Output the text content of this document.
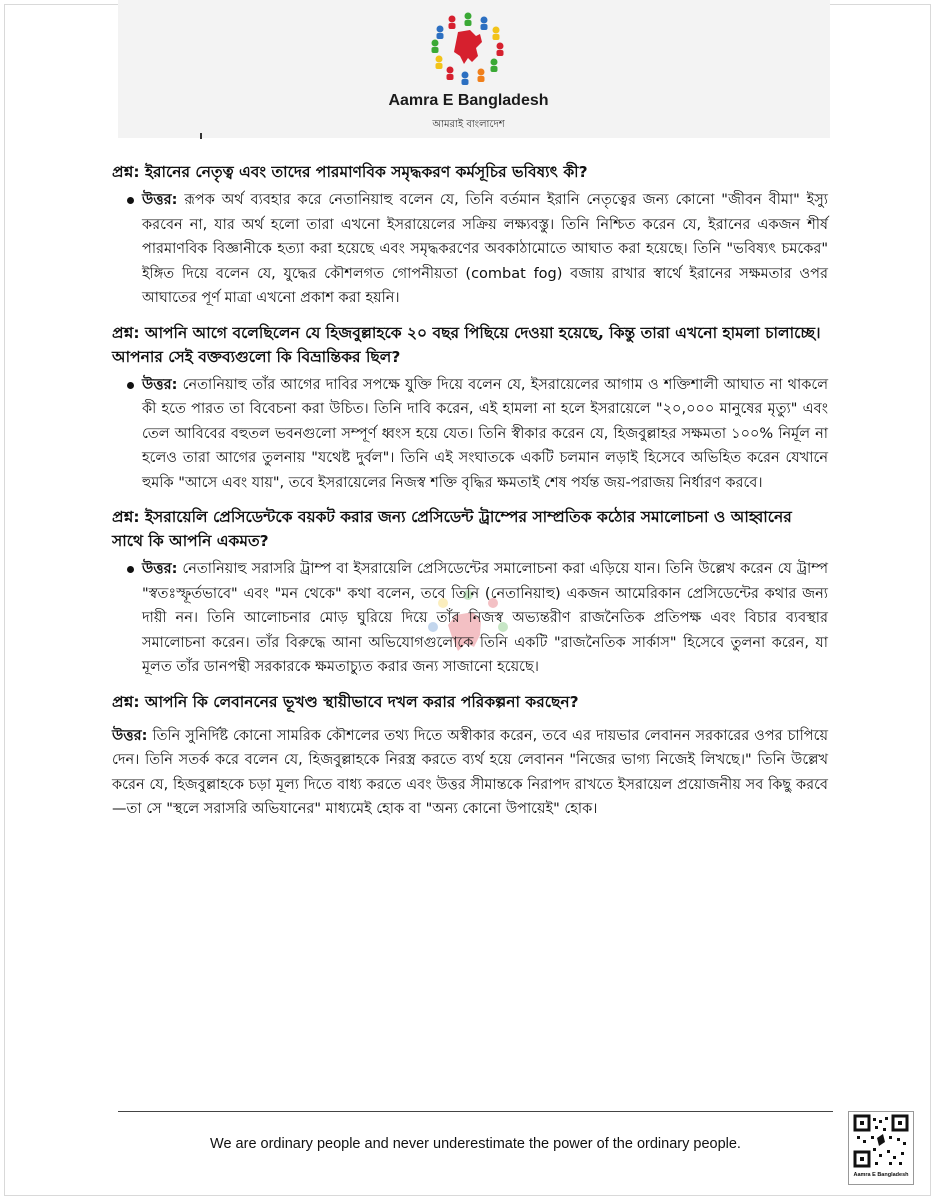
Aamra E Bangladesh
আমরাই বাংলাদেশ
প্রশ্ন: ইরানের নেতৃত্ব এবং তাদের পারমাণবিক সমৃদ্ধকরণ কর্মসূচির ভবিষ্যৎ কী?
উত্তর: রূপক অর্থ ব্যবহার করে নেতানিয়াহু বলেন যে, তিনি বর্তমান ইরানি নেতৃত্বের জন্য কোনো "জীবন বীমা" ইস্যু করবেন না, যার অর্থ হলো তারা এখনো ইসরায়েলের সক্রিয় লক্ষ্যবস্তু। তিনি নিশ্চিত করেন যে, ইরানের একজন শীর্ষ পারমাণবিক বিজ্ঞানীকে হত্যা করা হয়েছে এবং সমৃদ্ধকরণের অবকাঠামোতে আঘাত করা হয়েছে। তিনি "ভবিষ্যৎ চমকের" ইঙ্গিত দিয়ে বলেন যে, যুদ্ধের কৌশলগত গোপনীয়তা (combat fog) বজায় রাখার স্বার্থে ইরানের সক্ষমতার ওপর আঘাতের পূর্ণ মাত্রা এখনো প্রকাশ করা হয়নি।
প্রশ্ন: আপনি আগে বলেছিলেন যে হিজবুল্লাহকে ২০ বছর পিছিয়ে দেওয়া হয়েছে, কিন্তু তারা এখনো হামলা চালাচ্ছে। আপনার সেই বক্তব্যগুলো কি বিভ্রান্তিকর ছিল?
উত্তর: নেতানিয়াহু তাঁর আগের দাবির সপক্ষে যুক্তি দিয়ে বলেন যে, ইসরায়েলের আগাম ও শক্তিশালী আঘাত না থাকলে কী হতে পারত তা বিবেচনা করা উচিত। তিনি দাবি করেন, এই হামলা না হলে ইসরায়েলে "২০,০০০ মানুষের মৃত্যু" এবং তেল আবিবের বহুতল ভবনগুলো সম্পূর্ণ ধ্বংস হয়ে যেত। তিনি স্বীকার করেন যে, হিজবুল্লাহর সক্ষমতা ১০০% নির্মূল না হলেও তারা আগের তুলনায় "যথেষ্ট দুর্বল"। তিনি এই সংঘাতকে একটি চলমান লড়াই হিসেবে অভিহিত করেন যেখানে হুমকি "আসে এবং যায়", তবে ইসরায়েলের নিজস্ব শক্তি বৃদ্ধির ক্ষমতাই শেষ পর্যন্ত জয়-পরাজয় নির্ধারণ করবে।
প্রশ্ন: ইসরায়েলি প্রেসিডেন্টকে বয়কট করার জন্য প্রেসিডেন্ট ট্রাম্পের সাম্প্রতিক কঠোর সমালোচনা ও আহ্বানের সাথে কি আপনি একমত?
উত্তর: নেতানিয়াহু সরাসরি ট্রাম্প বা ইসরায়েলি প্রেসিডেন্টের সমালোচনা করা এড়িয়ে যান। তিনি উল্লেখ করেন যে ট্রাম্প "স্বতঃস্ফূর্তভাবে" এবং "মন থেকে" কথা বলেন, তবে তিনি (নেতানিয়াহু) একজন আমেরিকান প্রেসিডেন্টের কথার জন্য দায়ী নন। তিনি আলোচনার মোড় ঘুরিয়ে দিয়ে তাঁর নিজস্ব অভ্যন্তরীণ রাজনৈতিক প্রতিপক্ষ এবং বিচার ব্যবস্থার সমালোচনা করেন। তাঁর বিরুদ্ধে আনা অভিযোগগুলোকে তিনি একটি "রাজনৈতিক সার্কাস" হিসেবে তুলনা করেন, যা মূলত তাঁর ডানপন্থী সরকারকে ক্ষমতাচ্যুত করার জন্য সাজানো হয়েছে।
প্রশ্ন: আপনি কি লেবাননের ভূখণ্ড স্থায়ীভাবে দখল করার পরিকল্পনা করছেন?

উত্তর: তিনি সুনির্দিষ্ট কোনো সামরিক কৌশলের তথ্য দিতে অস্বীকার করেন, তবে এর দায়ভার লেবানন সরকারের ওপর চাপিয়ে দেন। তিনি সতর্ক করে বলেন যে, হিজবুল্লাহকে নিরস্ত্র করতে ব্যর্থ হয়ে লেবানন "নিজের ভাগ্য নিজেই লিখছে।" তিনি উল্লেখ করেন যে, হিজবুল্লাহকে চড়া মূল্য দিতে বাধ্য করতে এবং উত্তর সীমান্তকে নিরাপদ রাখতে ইসরায়েল প্রয়োজনীয় সব কিছু করবে—তা সে "স্থলে সরাসরি অভিযানের" মাধ্যমেই হোক বা "অন্য কোনো উপায়েই" হোক।

We are ordinary people and never underestimate the power of the ordinary people.
Aamra E Bangladesh
